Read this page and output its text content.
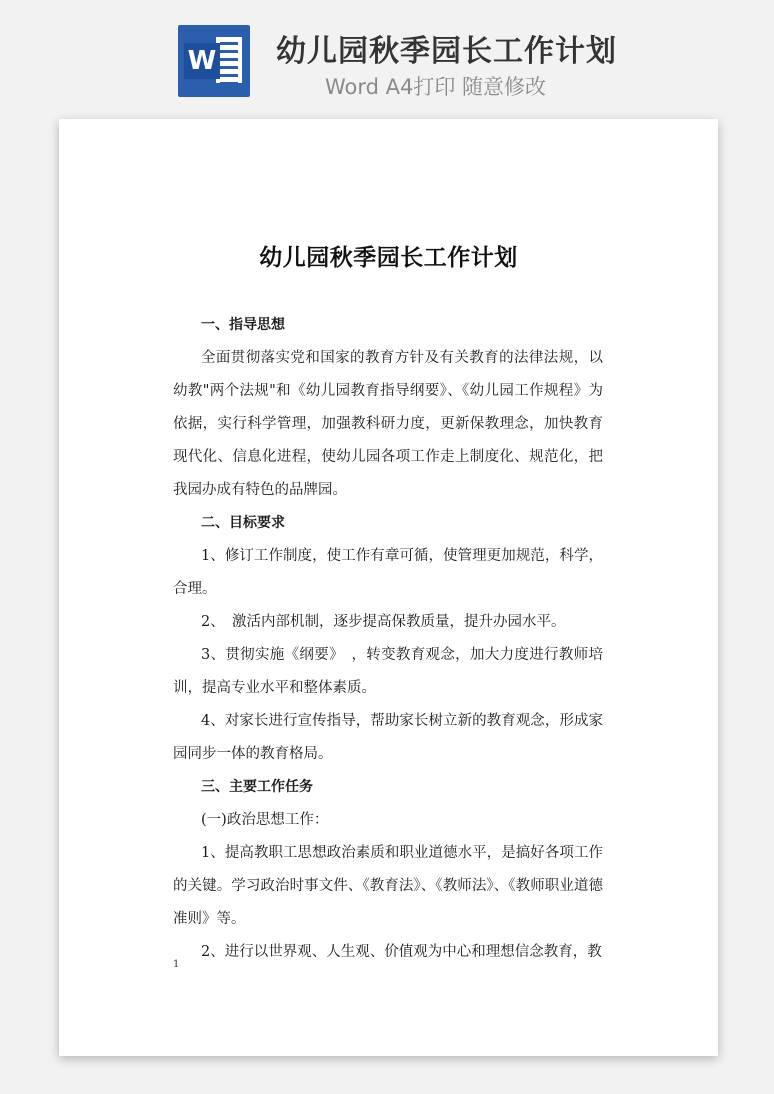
W 幼儿园秋季园长工作计划
Word A4打印 随意修改
幼儿园秋季园长工作计划

一、指导思想

全面贯彻落实党和国家的教育方针及有关教育的法律法规，以幼教"两个法规"和《幼儿园教育指导纲要》、《幼儿园工作规程》为依据，实行科学管理，加强教科研力度，更新保教理念，加快教育现代化、信息化进程，使幼儿园各项工作走上制度化、规范化，把我园办成有特色的品牌园。

二、目标要求

1、修订工作制度，使工作有章可循，使管理更加规范，科学，合理。

2、　激活内部机制，逐步提高保教质量，提升办园水平。

3、贯彻实施《纲要》　，转变教育观念，加大力度进行教师培训，提高专业水平和整体素质。

4、对家长进行宣传指导，帮助家长树立新的教育观念，形成家园同步一体的教育格局。

三、主要工作任务

(一)政治思想工作：

1、提高教职工思想政治素质和职业道德水平，是搞好各项工作的关键。学习政治时事文件、《教育法》、《教师法》、《教师职业道德准则》等。

2、进行以世界观、人生观、价值观为中心和理想信念教育，教

1
